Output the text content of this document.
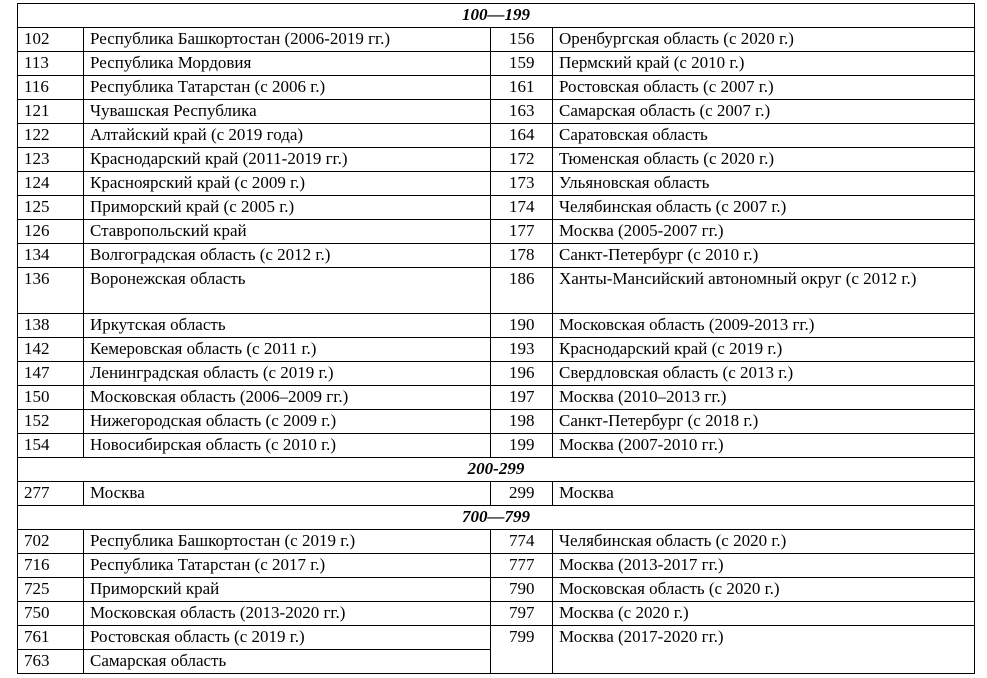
100—199			
102	Республика Башкортостан (2006-2019 гг.)	156	Оренбургская область (с 2020 г.)
113	Республика Мордовия	159	Пермский край (с 2010 г.)
116	Республика Татарстан (с 2006 г.)	161	Ростовская область (с 2007 г.)
121	Чувашская Республика	163	Самарская область (с 2007 г.)
122	Алтайский край (с 2019 года)	164	Саратовская область
123	Краснодарский край (2011-2019 гг.)	172	Тюменская область (с 2020 г.)
124	Красноярский край (с 2009 г.)	173	Ульяновская область
125	Приморский край (с 2005 г.)	174	Челябинская область (с 2007 г.)
126	Ставропольский край	177	Москва (2005-2007 гг.)
134	Волгоградская область (с 2012 г.)	178	Санкт-Петербург (с 2010 г.)
136	Воронежская область	186	Ханты-Мансийский автономный округ (с 2012 г.)
138	Иркутская область	190	Московская область (2009-2013 гг.)
142	Кемеровская область (с 2011 г.)	193	Краснодарский край (с 2019 г.)
147	Ленинградская область (с 2019 г.)	196	Свердловская область (с 2013 г.)
150	Московская область (2006–2009 гг.)	197	Москва (2010–2013 гг.)
152	Нижегородская область (с 2009 г.)	198	Санкт-Петербург (с 2018 г.)
154	Новосибирская область (с 2010 г.)	199	Москва (2007-2010 гг.)
200-299			
277	Москва	299	Москва
700—799			
702	Республика Башкортостан (с 2019 г.)	774	Челябинская область (с 2020 г.)
716	Республика Татарстан (с 2017 г.)	777	Москва (2013-2017 гг.)
725	Приморский край	790	Московская область (с 2020 г.)
750	Московская область (2013-2020 гг.)	797	Москва (с 2020 г.)
761	Ростовская область (с 2019 г.)	799	Москва (2017-2020 гг.)
763	Самарская область		
